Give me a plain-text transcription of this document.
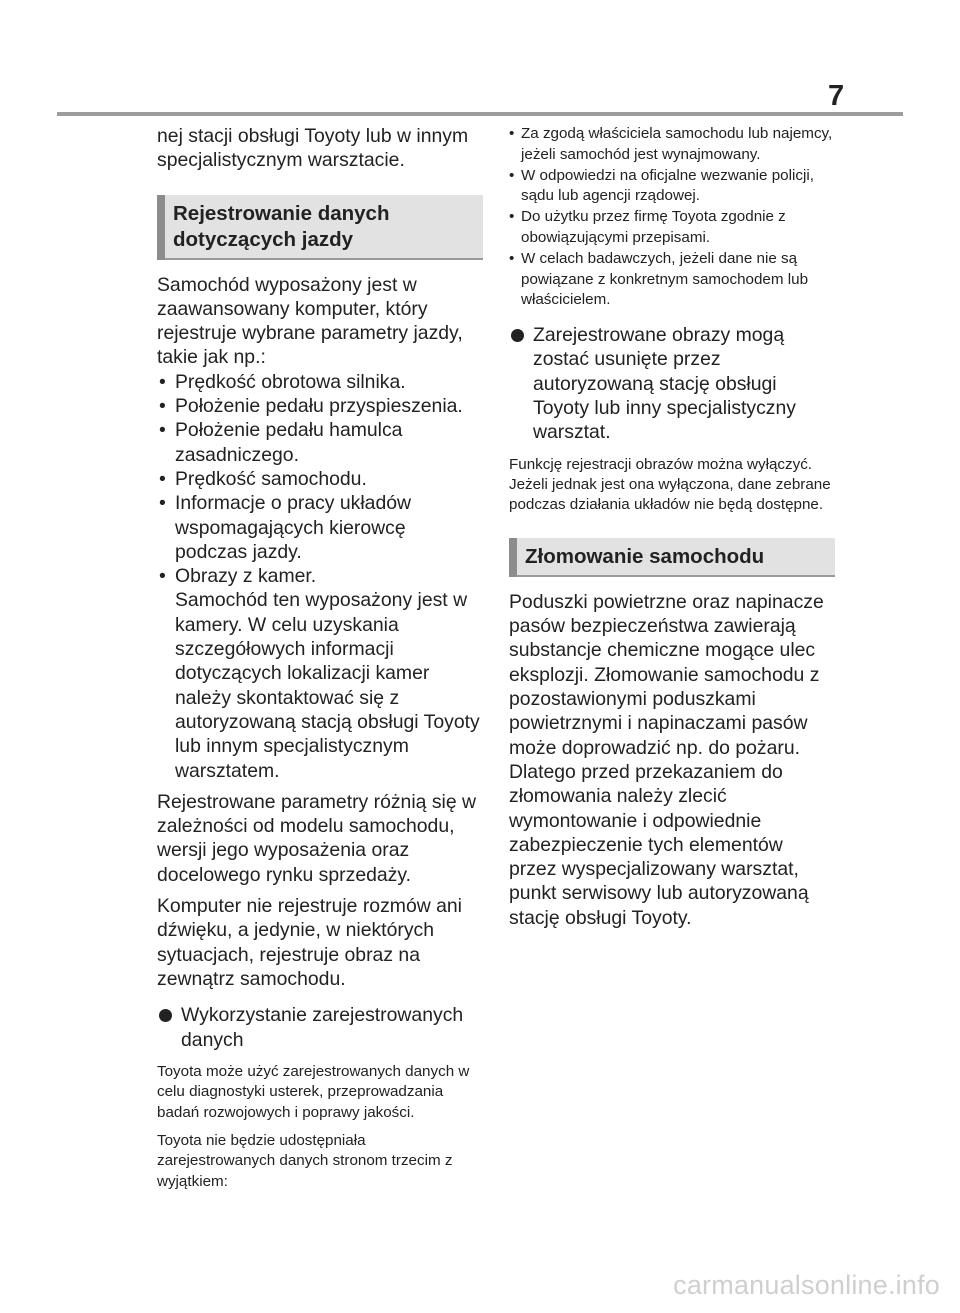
7

nej stacji obsługi Toyoty lub w innym specjalistycznym warsztacie.

Rejestrowanie danych
dotyczących jazdy

Samochód wyposażony jest w zaawansowany komputer, który rejestruje wybrane parametry jazdy, takie jak np.:

• Prędkość obrotowa silnika.
• Położenie pedału przyspieszenia.
• Położenie pedału hamulca zasadniczego.
• Prędkość samochodu.
• Informacje o pracy układów wspomagających kierowcę podczas jazdy.
• Obrazy z kamer.
Samochód ten wyposażony jest w kamery. W celu uzyskania szczegółowych informacji dotyczących lokalizacji kamer należy skontaktować się z autoryzowaną stacją obsługi Toyoty lub innym specjalistycznym warsztatem.

Rejestrowane parametry różnią się w zależności od modelu samochodu, wersji jego wyposażenia oraz docelowego rynku sprzedaży.

Komputer nie rejestruje rozmów ani dźwięku, a jedynie, w niektórych sytuacjach, rejestruje obraz na zewnątrz samochodu.

Wykorzystanie zarejestrowanych danych

Toyota może użyć zarejestrowanych danych w celu diagnostyki usterek, przeprowadzania badań rozwojowych i poprawy jakości.

Toyota nie będzie udostępniała zarejestrowanych danych stronom trzecim z wyjątkiem:

• Za zgodą właściciela samochodu lub najemcy, jeżeli samochód jest wynajmowany.
• W odpowiedzi na oficjalne wezwanie policji, sądu lub agencji rządowej.
• Do użytku przez firmę Toyota zgodnie z obowiązującymi przepisami.
• W celach badawczych, jeżeli dane nie są powiązane z konkretnym samochodem lub właścicielem.
Zarejestrowane obrazy mogą zostać usunięte przez autoryzowaną stację obsługi Toyoty lub inny specjalistyczny warsztat.

Funkcję rejestracji obrazów można wyłączyć. Jeżeli jednak jest ona wyłączona, dane zebrane podczas działania układów nie będą dostępne.

Złomowanie samochodu

Poduszki powietrzne oraz napinacze pasów bezpieczeństwa zawierają substancje chemiczne mogące ulec eksplozji. Złomowanie samochodu z pozostawionymi poduszkami powietrznymi i napinaczami pasów może doprowadzić np. do pożaru. Dlatego przed przekazaniem do złomowania należy zlecić wymontowanie i odpowiednie zabezpieczenie tych elementów przez wyspecjalizowany warsztat, punkt serwisowy lub autoryzowaną stację obsługi Toyoty.

carmanualsonline.info
